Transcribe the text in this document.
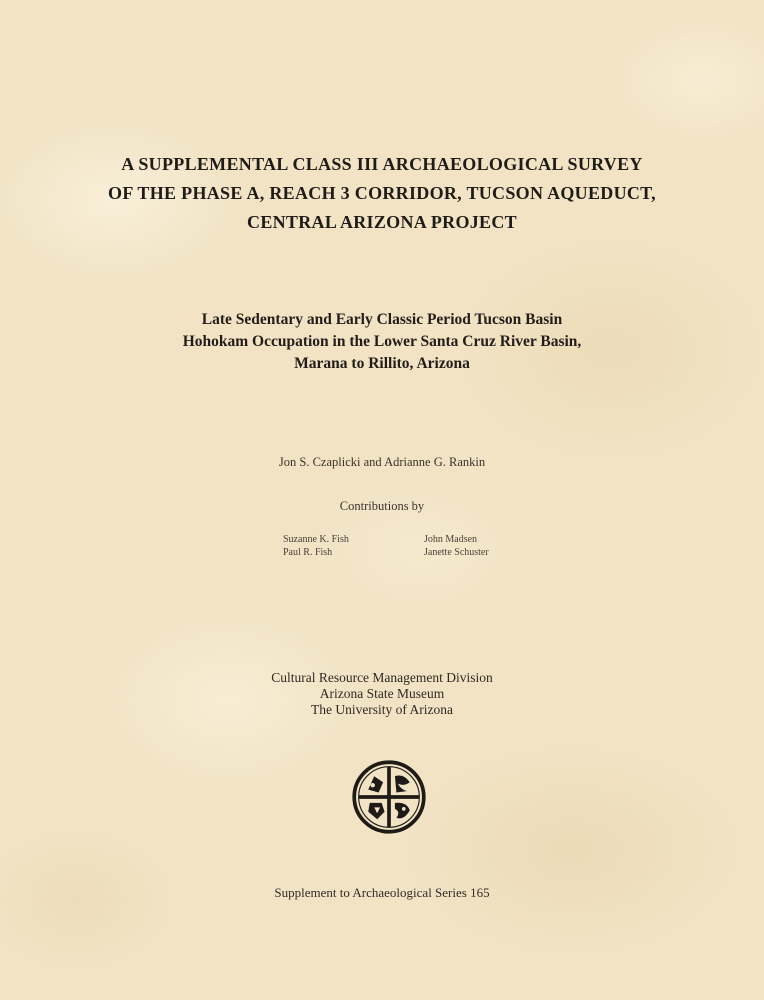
A SUPPLEMENTAL CLASS III ARCHAEOLOGICAL SURVEY
OF THE PHASE A, REACH 3 CORRIDOR, TUCSON AQUEDUCT,
CENTRAL ARIZONA PROJECT
Late Sedentary and Early Classic Period Tucson Basin
Hohokam Occupation in the Lower Santa Cruz River Basin,
Marana to Rillito, Arizona
Jon S. Czaplicki and Adrianne G. Rankin
Contributions by
Suzanne K. Fish
Paul R. Fish
John Madsen
Janette Schuster
Cultural Resource Management Division
Arizona State Museum
The University of Arizona
Supplement to Archaeological Series 165
